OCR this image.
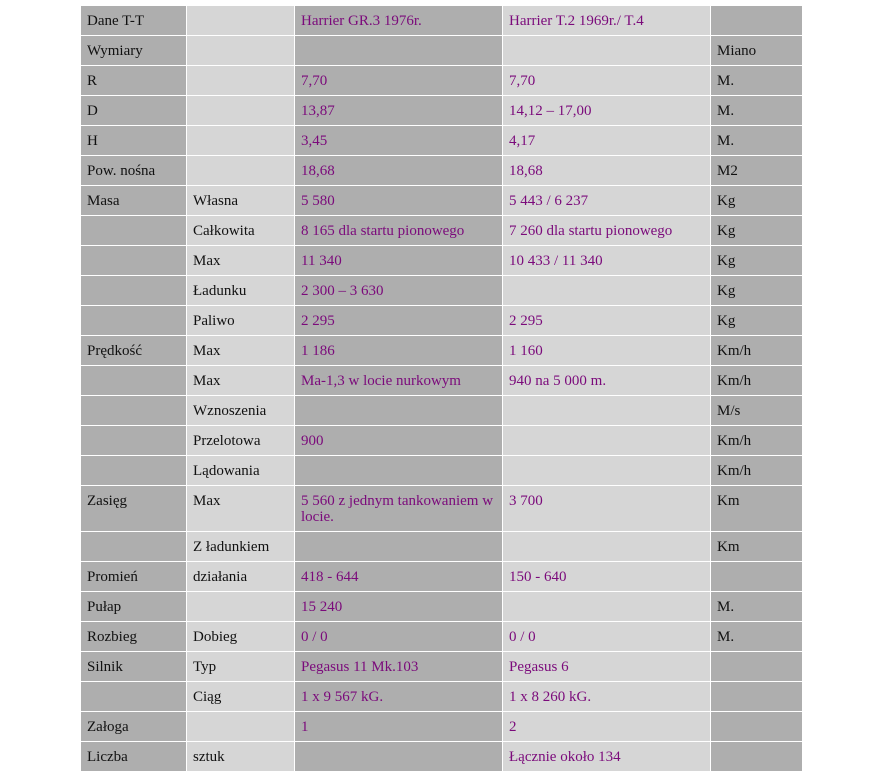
Dane T-T		Harrier GR.3 1976r.	Harrier T.2 1969r./ T.4	
Wymiary				Miano
R		7,70	7,70	M.
D		13,87	14,12 – 17,00	M.
H		3,45	4,17	M.
Pow. nośna		18,68	18,68	M2
Masa	Własna	5 580	5 443 / 6 237	Kg
	Całkowita	8 165 dla startu pionowego	7 260 dla startu pionowego	Kg
	Max	11 340	10 433 / 11 340	Kg
	Ładunku	2 300 – 3 630		Kg
	Paliwo	2 295	2 295	Kg
Prędkość	Max	1 186	1 160	Km/h
	Max	Ma-1,3 w locie nurkowym	940 na 5 000 m.	Km/h
	Wznoszenia			M/s
	Przelotowa	900		Km/h
	Lądowania			Km/h
Zasięg	Max	5 560 z jednym tankowaniem w locie.	3 700	Km
	Z ładunkiem			Km
Promień	działania	418 - 644	150 - 640	
Pułap		15 240		M.
Rozbieg	Dobieg	0 / 0	0 / 0	M.
Silnik	Typ	Pegasus 11 Mk.103	Pegasus 6	
	Ciąg	1 x 9 567 kG.	1 x 8 260 kG.	
Załoga		1	2	
Liczba	sztuk		Łącznie około 134	
